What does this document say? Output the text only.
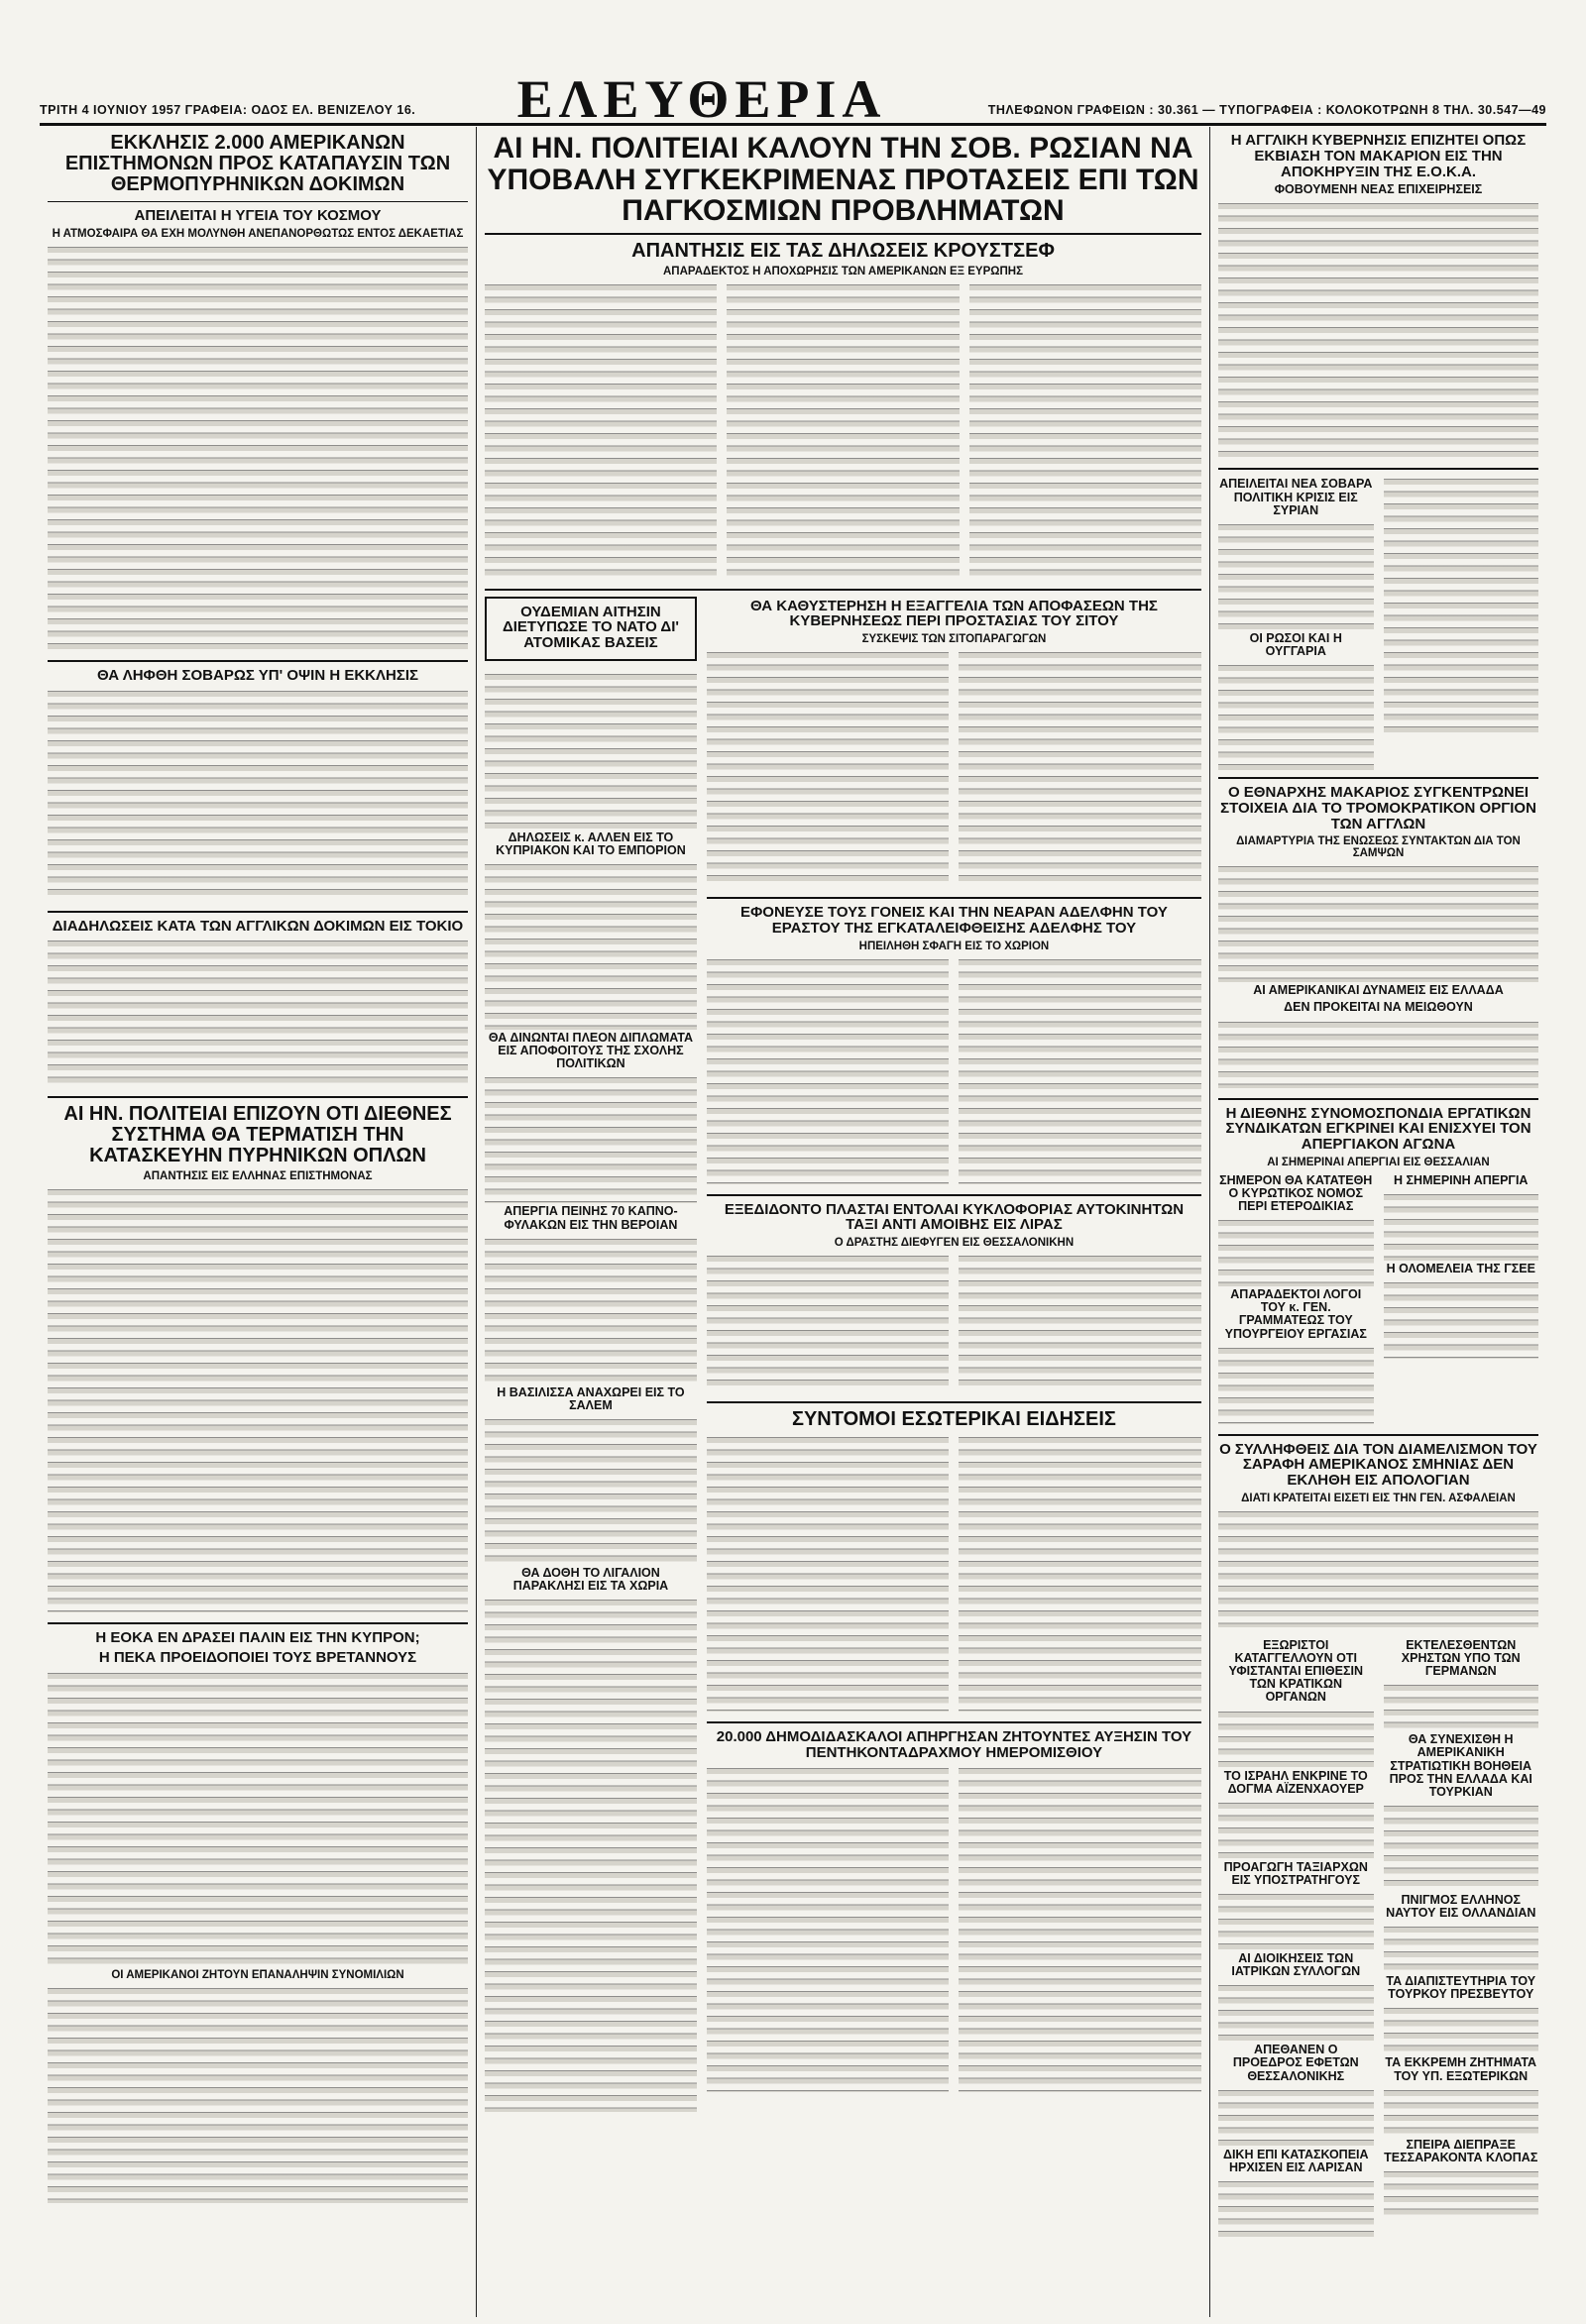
ΤΡΙΤΗ 4 ΙΟΥΝΙΟΥ 1957 ΓΡΑΦΕΙΑ: ΟΔΟΣ ΕΛ. ΒΕΝΙΖΕΛΟΥ 16. ΕΛΕΥΘΕΡΙΑ	ΤΗΛΕΦΩΝΟΝ ΓΡΑΦΕΙΩΝ : 30.361 — ΤΥΠΟΓΡΑΦΕΙΑ : ΚΟΛΟΚΟΤΡΩΝΗ 8 ΤΗΛ. 30.547—49
ΕΚΚΛΗΣΙΣ 2.000 ΑΜΕΡΙΚΑΝΩΝ ΕΠΙΣΤΗΜΟΝΩΝ ΠΡΟΣ ΚΑΤΑΠΑΥΣΙΝ ΤΩΝ ΘΕΡΜΟΠΥΡΗΝΙΚΩΝ ΔΟΚΙΜΩΝ
ΑΠΕΙΛΕΙΤΑΙ Η ΥΓΕΙΑ ΤΟΥ ΚΟΣΜΟΥ
Η ΑΤΜΟΣΦΑΙΡΑ ΘΑ ΕΧΗ ΜΟΛΥΝΘΗ ΑΝΕΠΑΝΟΡΘΩΤΩΣ ΕΝΤΟΣ ΔΕΚΑΕΤΙΑΣ
ΘΑ ΛΗΦΘΗ ΣΟΒΑΡΩΣ ΥΠ' ΟΨΙΝ Η ΕΚΚΛΗΣΙΣ
ΔΙΑΔΗΛΩΣΕΙΣ ΚΑΤΑ ΤΩΝ ΑΓΓΛΙΚΩΝ ΔΟΚΙΜΩΝ ΕΙΣ ΤΟΚΙΟ
ΑΙ ΗΝ. ΠΟΛΙΤΕΙΑΙ ΕΠΙΖΟΥΝ ΟΤΙ ΔΙΕΘΝΕΣ ΣΥΣΤΗΜΑ ΘΑ ΤΕΡΜΑΤΙΣΗ ΤΗΝ ΚΑΤΑΣΚΕΥΗΝ ΠΥΡΗΝΙΚΩΝ ΟΠΛΩΝ
ΑΠΑΝΤΗΣΙΣ ΕΙΣ ΕΛΛΗΝΑΣ ΕΠΙΣΤΗΜΟΝΑΣ
Η ΕΟΚΑ ΕΝ ΔΡΑΣΕΙ ΠΑΛΙΝ ΕΙΣ ΤΗΝ ΚΥΠΡΟΝ;
Η ΠΕΚΑ ΠΡΟΕΙΔΟΠΟΙΕΙ ΤΟΥΣ ΒΡΕΤΑΝΝΟΥΣ
ΟΙ ΑΜΕΡΙΚΑΝΟΙ ΖΗΤΟΥΝ ΕΠΑΝΑΛΗΨΙΝ ΣΥΝΟΜΙΛΙΩΝ
ΑΙ ΗΝ. ΠΟΛΙΤΕΙΑΙ ΚΑΛΟΥΝ ΤΗΝ ΣΟΒ. ΡΩΣΙΑΝ ΝΑ ΥΠΟΒΑΛΗ ΣΥΓΚΕΚΡΙΜΕΝΑΣ ΠΡΟΤΑΣΕΙΣ ΕΠΙ ΤΩΝ ΠΑΓΚΟΣΜΙΩΝ ΠΡΟΒΛΗΜΑΤΩΝ
ΑΠΑΝΤΗΣΙΣ ΕΙΣ ΤΑΣ ΔΗΛΩΣΕΙΣ ΚΡΟΥΣΤΣΕΦ
ΑΠΑΡΑΔΕΚΤΟΣ Η ΑΠΟΧΩΡΗΣΙΣ ΤΩΝ ΑΜΕΡΙΚΑΝΩΝ ΕΞ ΕΥΡΩΠΗΣ
ΟΥΔΕΜΙΑΝ ΑΙΤΗΣΙΝ ΔΙΕΤΥΠΩΣΕ ΤΟ ΝΑΤΟ ΔΙ' ΑΤΟΜΙΚΑΣ ΒΑΣΕΙΣ
ΔΗΛΩΣΕΙΣ κ. ΑΛΛΕΝ ΕΙΣ ΤΟ ΚΥΠΡΙΑΚΟΝ ΚΑΙ ΤΟ ΕΜΠΟΡΙΟΝ
ΘΑ ΔΙΝΩΝΤΑΙ ΠΛΕΟΝ ΔΙΠΛΩΜΑΤΑ ΕΙΣ ΑΠΟΦΟΙΤΟΥΣ ΤΗΣ ΣΧΟΛΗΣ ΠΟΛΙΤΙΚΩΝ
ΑΠΕΡΓΙΑ ΠΕΙΝΗΣ 70 ΚΑΠΝΟ-ΦΥΛΑΚΩΝ ΕΙΣ ΤΗΝ ΒΕΡΟΙΑΝ
Η ΒΑΣΙΛΙΣΣΑ ΑΝΑΧΩΡΕΙ ΕΙΣ ΤΟ ΣΑΛΕΜ
ΘΑ ΔΟΘΗ ΤΟ ΛΙΓΑΛΙΟΝ ΠΑΡΑΚΛΗΣΙ ΕΙΣ ΤΑ ΧΩΡΙΑ
ΘΑ ΚΑΘΥΣΤΕΡΗΣΗ Η ΕΞΑΓΓΕΛΙΑ ΤΩΝ ΑΠΟΦΑΣΕΩΝ ΤΗΣ ΚΥΒΕΡΝΗΣΕΩΣ ΠΕΡΙ ΠΡΟΣΤΑΣΙΑΣ ΤΟΥ ΣΙΤΟΥ
ΣΥΣΚΕΨΙΣ ΤΩΝ ΣΙΤΟΠΑΡΑΓΩΓΩΝ
ΕΦΟΝΕΥΣΕ ΤΟΥΣ ΓΟΝΕΙΣ ΚΑΙ ΤΗΝ ΝΕΑΡΑΝ ΑΔΕΛΦΗΝ ΤΟΥ ΕΡΑΣΤΟΥ ΤΗΣ ΕΓΚΑΤΑΛΕΙΦΘΕΙΣΗΣ ΑΔΕΛΦΗΣ ΤΟΥ
ΗΠΕΙΛΗΘΗ ΣΦΑΓΗ ΕΙΣ ΤΟ ΧΩΡΙΟΝ
ΕΞΕΔΙΔΟΝΤΟ ΠΛΑΣΤΑΙ ΕΝΤΟΛΑΙ ΚΥΚΛΟΦΟΡΙΑΣ ΑΥΤΟΚΙΝΗΤΩΝ ΤΑΞΙ ΑΝΤΙ ΑΜΟΙΒΗΣ ΕΙΣ ΛΙΡΑΣ
Ο ΔΡΑΣΤΗΣ ΔΙΕΦΥΓΕΝ ΕΙΣ ΘΕΣΣΑΛΟΝΙΚΗΝ
ΣΥΝΤΟΜΟΙ ΕΣΩΤΕΡΙΚΑΙ ΕΙΔΗΣΕΙΣ
20.000 ΔΗΜΟΔΙΔΑΣΚΑΛΟΙ ΑΠΗΡΓΗΣΑΝ ΖΗΤΟΥΝΤΕΣ ΑΥΞΗΣΙΝ ΤΟΥ ΠΕΝΤΗΚΟΝΤΑΔΡΑΧΜΟΥ ΗΜΕΡΟΜΙΣΘΙΟΥ
Η ΑΓΓΛΙΚΗ ΚΥΒΕΡΝΗΣΙΣ ΕΠΙΖΗΤΕΙ ΟΠΩΣ ΕΚΒΙΑΣΗ ΤΟΝ ΜΑΚΑΡΙΟΝ ΕΙΣ ΤΗΝ ΑΠΟΚΗΡΥΞΙΝ ΤΗΣ Ε.Ο.Κ.Α.
ΦΟΒΟΥΜΕΝΗ ΝΕΑΣ ΕΠΙΧΕΙΡΗΣΕΙΣ
ΑΠΕΙΛΕΙΤΑΙ ΝΕΑ ΣΟΒΑΡΑ ΠΟΛΙΤΙΚΗ ΚΡΙΣΙΣ ΕΙΣ ΣΥΡΙΑΝ
ΟΙ ΡΩΣΟΙ ΚΑΙ Η ΟΥΓΓΑΡΙΑ
Ο ΕΘΝΑΡΧΗΣ ΜΑΚΑΡΙΟΣ ΣΥΓΚΕΝΤΡΩΝΕΙ ΣΤΟΙΧΕΙΑ ΔΙΑ ΤΟ ΤΡΟΜΟΚΡΑΤΙΚΟΝ ΟΡΓΙΟΝ ΤΩΝ ΑΓΓΛΩΝ
ΔΙΑΜΑΡΤΥΡΙΑ ΤΗΣ ΕΝΩΣΕΩΣ ΣΥΝΤΑΚΤΩΝ ΔΙΑ ΤΟΝ ΣΑΜΨΩΝ
ΑΙ ΑΜΕΡΙΚΑΝΙΚΑΙ ΔΥΝΑΜΕΙΣ ΕΙΣ ΕΛΛΑΔΑ
ΔΕΝ ΠΡΟΚΕΙΤΑΙ ΝΑ ΜΕΙΩΘΟΥΝ
Η ΔΙΕΘΝΗΣ ΣΥΝΟΜΟΣΠΟΝΔΙΑ ΕΡΓΑΤΙΚΩΝ ΣΥΝΔΙΚΑΤΩΝ ΕΓΚΡΙΝΕΙ ΚΑΙ ΕΝΙΣΧΥΕΙ ΤΟΝ ΑΠΕΡΓΙΑΚΟΝ ΑΓΩΝΑ
ΑΙ ΣΗΜΕΡΙΝΑΙ ΑΠΕΡΓΙΑΙ ΕΙΣ ΘΕΣΣΑΛΙΑΝ
ΣΗΜΕΡΟΝ ΘΑ ΚΑΤΑΤΕΘΗ Ο ΚΥΡΩΤΙΚΟΣ ΝΟΜΟΣ ΠΕΡΙ ΕΤΕΡΟΔΙΚΙΑΣ
ΑΠΑΡΑΔΕΚΤΟΙ ΛΟΓΟΙ ΤΟΥ κ. ΓΕΝ. ΓΡΑΜΜΑΤΕΩΣ ΤΟΥ ΥΠΟΥΡΓΕΙΟΥ ΕΡΓΑΣΙΑΣ
Η ΣΗΜΕΡΙΝΗ ΑΠΕΡΓΙΑ
Η ΟΛΟΜΕΛΕΙΑ ΤΗΣ ΓΣΕΕ
Ο ΣΥΛΛΗΦΘΕΙΣ ΔΙΑ ΤΟΝ ΔΙΑΜΕΛΙΣΜΟΝ ΤΟΥ ΣΑΡΑΦΗ ΑΜΕΡΙΚΑΝΟΣ ΣΜΗΝΙΑΣ ΔΕΝ ΕΚΛΗΘΗ ΕΙΣ ΑΠΟΛΟΓΙΑΝ
ΔΙΑΤΙ ΚΡΑΤΕΙΤΑΙ ΕΙΣΕΤΙ ΕΙΣ ΤΗΝ ΓΕΝ. ΑΣΦΑΛΕΙΑΝ
ΕΞΩΡΙΣΤΟΙ ΚΑΤΑΓΓΕΛΛΟΥΝ ΟΤΙ ΥΦΙΣΤΑΝΤΑΙ ΕΠΙΘΕΣΙΝ ΤΩΝ ΚΡΑΤΙΚΩΝ ΟΡΓΑΝΩΝ
ΤΟ ΙΣΡΑΗΛ ΕΝΚΡΙΝΕ ΤΟ ΔΟΓΜΑ ΑΪΖΕΝΧΑΟΥΕΡ
ΠΡΟΑΓΩΓΗ ΤΑΞΙΑΡΧΩΝ ΕΙΣ ΥΠΟΣΤΡΑΤΗΓΟΥΣ
ΑΙ ΔΙΟΙΚΗΣΕΙΣ ΤΩΝ ΙΑΤΡΙΚΩΝ ΣΥΛΛΟΓΩΝ
ΑΠΕΘΑΝΕΝ Ο ΠΡΟΕΔΡΟΣ ΕΦΕΤΩΝ ΘΕΣΣΑΛΟΝΙΚΗΣ
ΔΙΚΗ ΕΠΙ ΚΑΤΑΣΚΟΠΕΙΑ ΗΡΧΙΣΕΝ ΕΙΣ ΛΑΡΙΣΑΝ
ΕΚΤΕΛΕΣΘΕΝΤΩΝ ΧΡΗΣΤΩΝ ΥΠΟ ΤΩΝ ΓΕΡΜΑΝΩΝ
ΘΑ ΣΥΝΕΧΙΣΘΗ Η ΑΜΕΡΙΚΑΝΙΚΗ ΣΤΡΑΤΙΩΤΙΚΗ ΒΟΗΘΕΙΑ ΠΡΟΣ ΤΗΝ ΕΛΛΑΔΑ ΚΑΙ ΤΟΥΡΚΙΑΝ
ΠΝΙΓΜΟΣ ΕΛΛΗΝΟΣ ΝΑΥΤΟΥ ΕΙΣ ΟΛΛΑΝΔΙΑΝ
ΤΑ ΔΙΑΠΙΣΤΕΥΤΗΡΙΑ ΤΟΥ ΤΟΥΡΚΟΥ ΠΡΕΣΒΕΥΤΟΥ
ΤΑ ΕΚΚΡΕΜΗ ΖΗΤΗΜΑΤΑ ΤΟΥ ΥΠ. ΕΞΩΤΕΡΙΚΩΝ
ΣΠΕΙΡΑ ΔΙΕΠΡΑΞΕ ΤΕΣΣΑΡΑΚΟΝΤΑ ΚΛΟΠΑΣ
